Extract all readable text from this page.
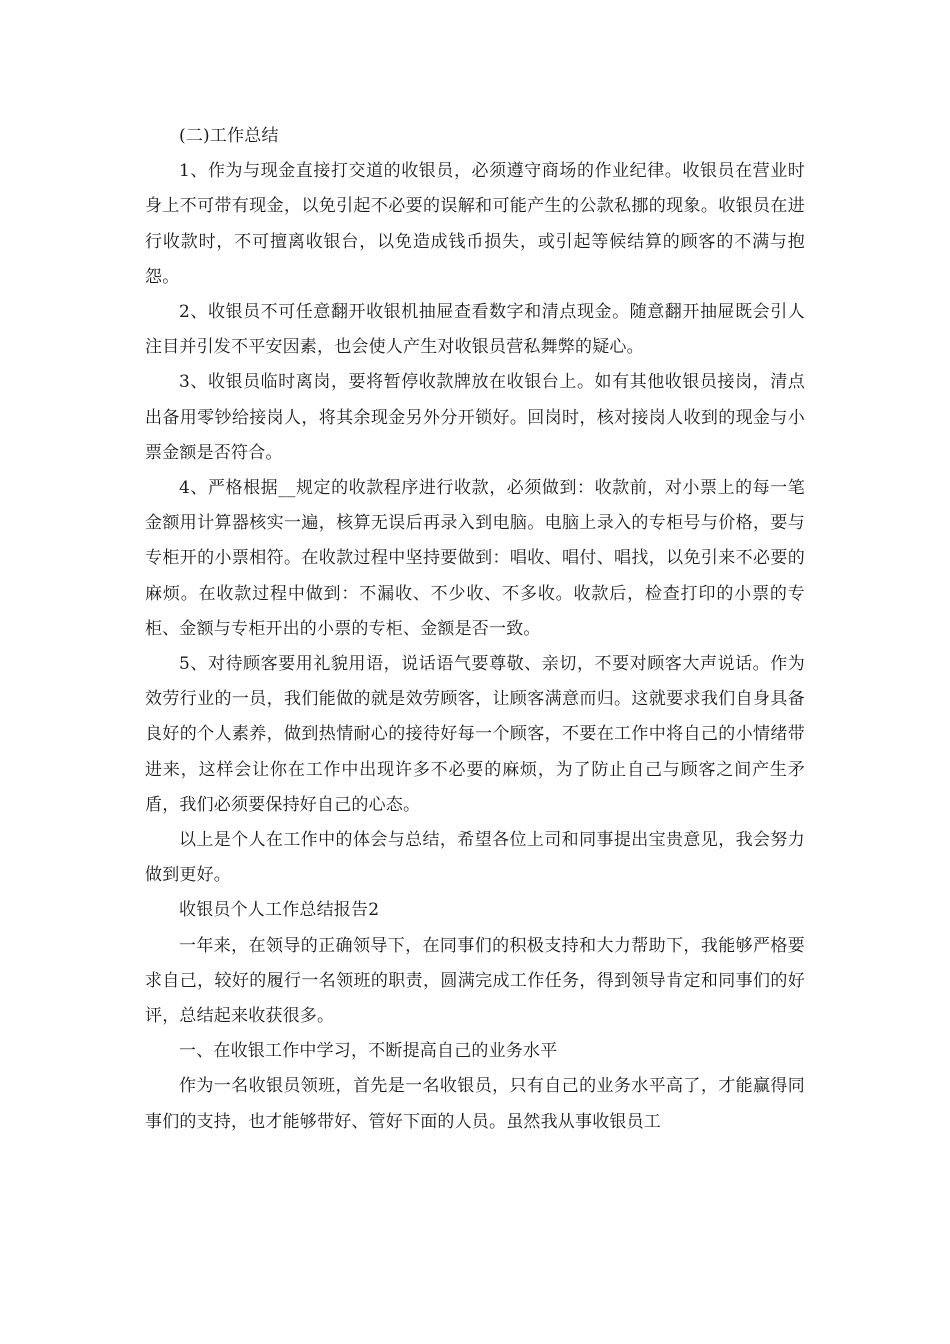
(二)工作总结

1、作为与现金直接打交道的收银员，必须遵守商场的作业纪律。收银员在营业时身上不可带有现金，以免引起不必要的误解和可能产生的公款私挪的现象。收银员在进行收款时，不可擅离收银台，以免造成钱币损失，或引起等候结算的顾客的不满与抱怨。

2、收银员不可任意翻开收银机抽屉查看数字和清点现金。随意翻开抽屉既会引人注目并引发不平安因素，也会使人产生对收银员营私舞弊的疑心。

3、收银员临时离岗，要将暂停收款牌放在收银台上。如有其他收银员接岗，清点出备用零钞给接岗人，将其余现金另外分开锁好。回岗时，核对接岗人收到的现金与小票金额是否符合。

4、严格根据__规定的收款程序进行收款，必须做到：收款前，对小票上的每一笔金额用计算器核实一遍，核算无误后再录入到电脑。电脑上录入的专柜号与价格，要与专柜开的小票相符。在收款过程中坚持要做到：唱收、唱付、唱找，以免引来不必要的麻烦。在收款过程中做到：不漏收、不少收、不多收。收款后，检查打印的小票的专柜、金额与专柜开出的小票的专柜、金额是否一致。

5、对待顾客要用礼貌用语，说话语气要尊敬、亲切，不要对顾客大声说话。作为效劳行业的一员，我们能做的就是效劳顾客，让顾客满意而归。这就要求我们自身具备良好的个人素养，做到热情耐心的接待好每一个顾客，不要在工作中将自己的小情绪带进来，这样会让你在工作中出现许多不必要的麻烦，为了防止自己与顾客之间产生矛盾，我们必须要保持好自己的心态。

以上是个人在工作中的体会与总结，希望各位上司和同事提出宝贵意见，我会努力做到更好。

收银员个人工作总结报告2

一年来，在领导的正确领导下，在同事们的积极支持和大力帮助下，我能够严格要求自己，较好的履行一名领班的职责，圆满完成工作任务，得到领导肯定和同事们的好评，总结起来收获很多。

一、在收银工作中学习，不断提高自己的业务水平

作为一名收银员领班，首先是一名收银员，只有自己的业务水平高了，才能赢得同事们的支持，也才能够带好、管好下面的人员。虽然我从事收银员工
